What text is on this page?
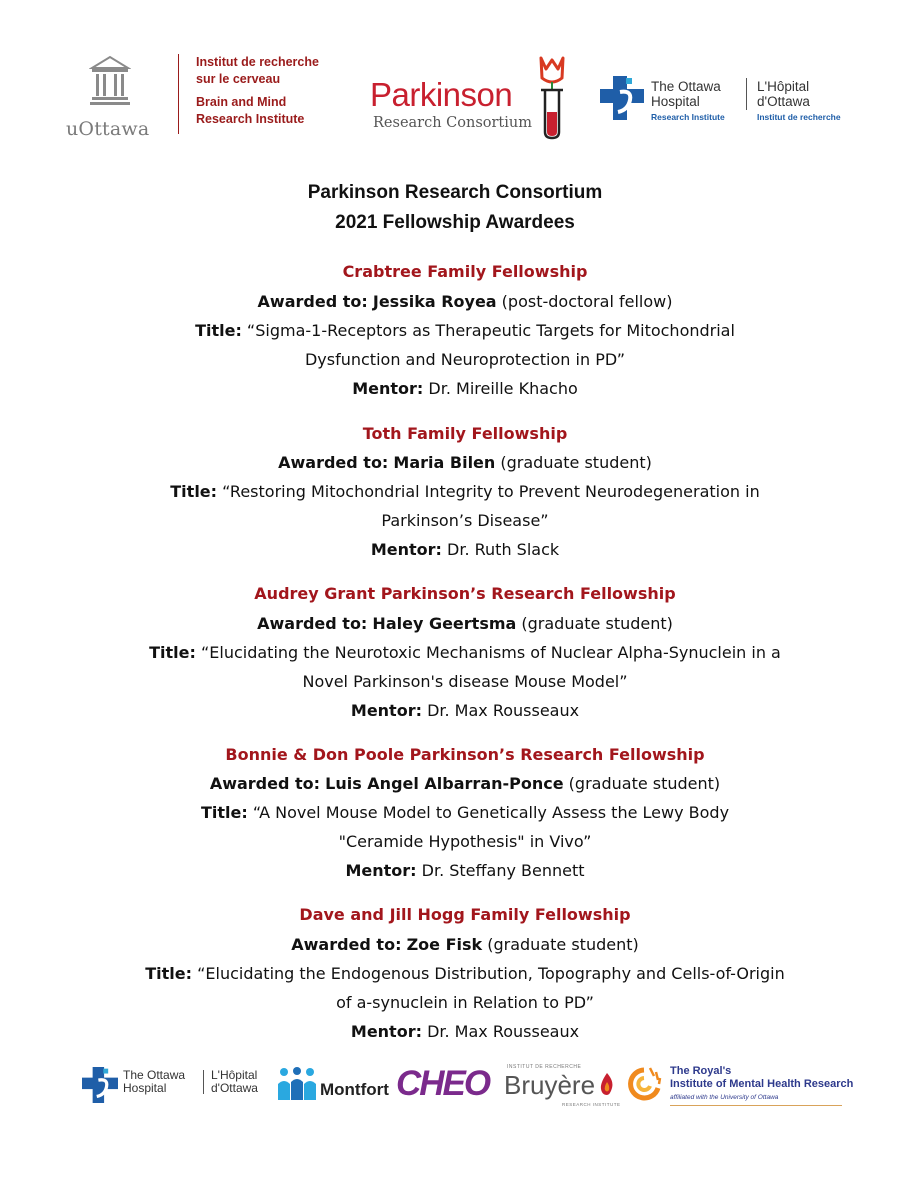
uOttawa
Institut de recherche
sur le cerveau
Brain and Mind
Research Institute
Parkinson
Research Consortium
The Ottawa
Hospital
L'Hôpital
d'Ottawa
Research Institute	Institut de recherche
Parkinson Research Consortium
2021 Fellowship Awardees
Crabtree Family Fellowship
Awarded to: Jessika Royea (post-doctoral fellow)
Title: “Sigma-1-Receptors as Therapeutic Targets for Mitochondrial
Dysfunction and Neuroprotection in PD”
Mentor: Dr. Mireille Khacho
Toth Family Fellowship
Awarded to: Maria Bilen (graduate student)
Title: “Restoring Mitochondrial Integrity to Prevent Neurodegeneration in
Parkinson’s Disease”
Mentor: Dr. Ruth Slack
Audrey Grant Parkinson’s Research Fellowship
Awarded to: Haley Geertsma (graduate student)
Title: “Elucidating the Neurotoxic Mechanisms of Nuclear Alpha-Synuclein in a
Novel Parkinson's disease Mouse Model”
Mentor: Dr. Max Rousseaux
Bonnie & Don Poole Parkinson’s Research Fellowship
Awarded to: Luis Angel Albarran-Ponce (graduate student)
Title: “A Novel Mouse Model to Genetically Assess the Lewy Body
"Ceramide Hypothesis" in Vivo”
Mentor: Dr. Steffany Bennett
Dave and Jill Hogg Family Fellowship
Awarded to: Zoe Fisk (graduate student)
Title: “Elucidating the Endogenous Distribution, Topography and Cells-of-Origin
of a-synuclein in Relation to PD”
Mentor: Dr. Max Rousseaux
The Ottawa
Hospital
L'Hôpital
d'Ottawa	Montfort CHEO	INSTITUT DE RECHERCHE
Bruyère
RESEARCH INSTITUTE
The Royal's
Institute of Mental Health Research
affiliated with the University of Ottawa
